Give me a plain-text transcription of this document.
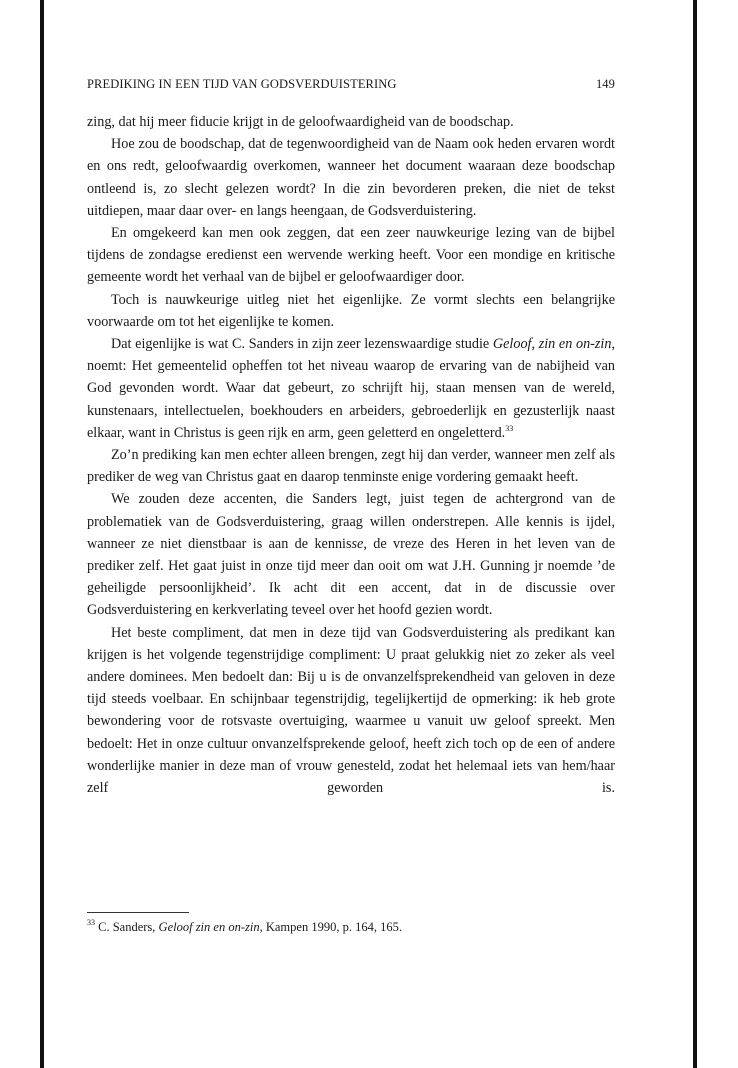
PREDIKING IN EEN TIJD VAN GODSVERDUISTERING	149

zing, dat hij meer fiducie krijgt in de geloofwaardigheid van de boodschap.

Hoe zou de boodschap, dat de tegenwoordigheid van de Naam ook heden ervaren wordt en ons redt, geloofwaardig overkomen, wanneer het document waaraan deze boodschap ontleend is, zo slecht gelezen wordt? In die zin bevorderen preken, die niet de tekst uitdiepen, maar daar over- en langs heengaan, de Godsverduistering.

En omgekeerd kan men ook zeggen, dat een zeer nauwkeurige lezing van de bijbel tijdens de zondagse eredienst een wervende werking heeft. Voor een mondige en kritische gemeente wordt het verhaal van de bijbel er geloofwaardiger door.

Toch is nauwkeurige uitleg niet het eigenlijke. Ze vormt slechts een belangrijke voorwaarde om tot het eigenlijke te komen.

Dat eigenlijke is wat C. Sanders in zijn zeer lezenswaardige studie Geloof, zin en on-zin, noemt: Het gemeentelid opheffen tot het niveau waarop de ervaring van de nabijheid van God gevonden wordt. Waar dat gebeurt, zo schrijft hij, staan mensen van de wereld, kunstenaars, intellectuelen, boekhouders en arbeiders, gebroederlijk en gezusterlijk naast elkaar, want in Christus is geen rijk en arm, geen geletterd en ongeletterd.$^{33}$

Zo’n prediking kan men echter alleen brengen, zegt hij dan verder, wanneer men zelf als prediker de weg van Christus gaat en daarop tenminste enige vordering gemaakt heeft.

We zouden deze accenten, die Sanders legt, juist tegen de achtergrond van de problematiek van de Godsverduistering, graag willen onderstrepen. Alle kennis is ijdel, wanneer ze niet dienstbaar is aan de kennisse, de vreze des Heren in het leven van de prediker zelf. Het gaat juist in onze tijd meer dan ooit om wat J.H. Gunning jr noemde ’de geheiligde persoonlijkheid’. Ik acht dit een accent, dat in de discussie over Godsverduistering en kerkverlating teveel over het hoofd gezien wordt.

Het beste compliment, dat men in deze tijd van Godsverduistering als predikant kan krijgen is het volgende tegenstrijdige compliment: U praat gelukkig niet zo zeker als veel andere dominees. Men bedoelt dan: Bij u is de onvanzelfsprekendheid van geloven in deze tijd steeds voelbaar. En schijnbaar tegenstrijdig, tegelijkertijd de opmerking: ik heb grote bewondering voor de rotsvaste overtuiging, waarmee u vanuit uw geloof spreekt. Men bedoelt: Het in onze cultuur onvanzelfsprekende geloof, heeft zich toch op de een of andere wonderlijke manier in deze man of vrouw genesteld, zodat het helemaal iets van hem/haar zelf geworden is.

$^{33}$ C. Sanders, Geloof zin en on-zin, Kampen 1990, p. 164, 165.
